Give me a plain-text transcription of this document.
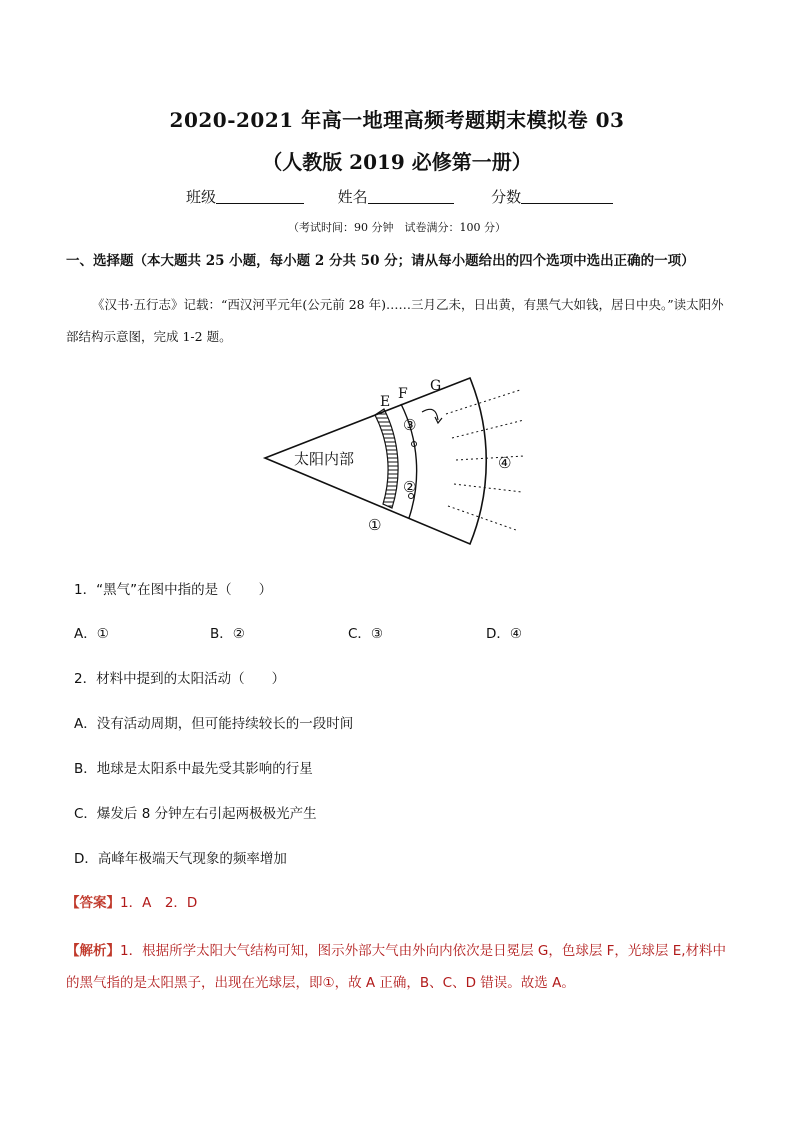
2020-2021 年高一地理高频考题期末模拟卷 03
（人教版 2019 必修第一册）
班级	姓名	分数
（考试时间：90 分钟　试卷满分：100 分）
一、选择题（本大题共 25 小题，每小题 2 分共 50 分；请从每小题给出的四个选项中选出正确的一项）
《汉书·五行志》记载：“西汉河平元年(公元前 28 年)……三月乙未，日出黄，有黑气大如钱，居日中央。”读太阳外部结构示意图，完成 1-2 题。
太阳内部
E F G
③
②
④
①
1．“黑气”在图中指的是（　　）
A．①	B．②	C．③	D．④
2．材料中提到的太阳活动（　　）
A．没有活动周期，但可能持续较长的一段时间
B．地球是太阳系中最先受其影响的行星
C．爆发后 8 分钟左右引起两极极光产生
D．高峰年极端天气现象的频率增加
【答案】1．A　2．D
【解析】1．根据所学太阳大气结构可知，图示外部大气由外向内依次是日冕层 G，色球层 F，光球层 E,材料中的黑气指的是太阳黑子，出现在光球层，即①，故 A 正确，B、C、D 错误。故选 A。
